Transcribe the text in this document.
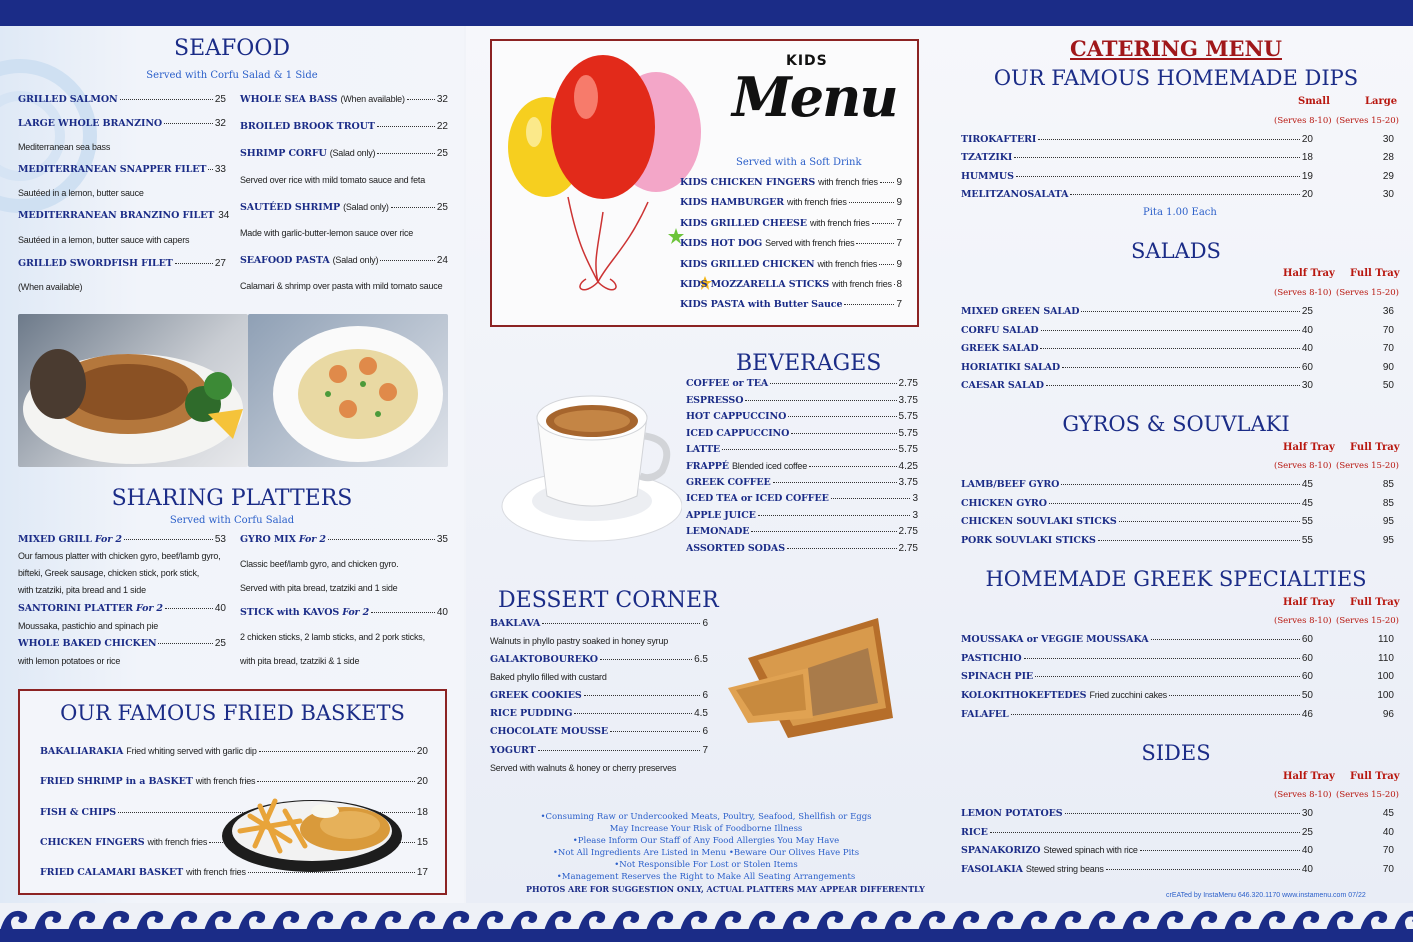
SEAFOOD
Served with Corfu Salad & 1 Side
GRILLED SALMON	25
LARGE WHOLE BRANZINO	32
Mediterranean sea bass
MEDITERRANEAN SNAPPER FILET 33
Sautéed in a lemon, butter sauce
MEDITERRANEAN BRANZINO FILET 34
Sautéed in a lemon, butter sauce with capers
GRILLED SWORDFISH FILET	27
(When available)
WHOLE SEA BASS (When available)	32
BROILED BROOK TROUT	22
SHRIMP CORFU (Salad only)	25
Served over rice with mild tomato sauce and feta
SAUTÉED SHRIMP (Salad only)	25
Made with garlic-butter-lemon sauce over rice
SEAFOOD PASTA (Salad only)	24
Calamari & shrimp over pasta with mild tomato sauce
SHARING PLATTERS
Served with Corfu Salad
MIXED GRILL For 2	53
Our famous platter with chicken gyro, beef/lamb gyro,
bifteki, Greek sausage, chicken stick, pork stick,
with tzatziki, pita bread and 1 side
SANTORINI PLATTER For 2	40
Moussaka, pastichio and spinach pie
WHOLE BAKED CHICKEN	25
with lemon potatoes or rice
GYRO MIX For 2	35
Classic beef/lamb gyro, and chicken gyro.
Served with pita bread, tzatziki and 1 side
STICK with KAVOS For 2	40
2 chicken sticks, 2 lamb sticks, and 2 pork sticks,
with pita bread, tzatziki & 1 side
OUR FAMOUS FRIED BASKETS
BAKALIARAKIA Fried whiting served with garlic dip	20
FRIED SHRIMP in a BASKET with french fries	20
FISH & CHIPS	18
CHICKEN FINGERS with french fries	15
FRIED CALAMARI BASKET with french fries	17
KIDS
Menu
Served with a Soft Drink
KIDS CHICKEN FINGERS with french fries 9
KIDS HAMBURGER with french fries	9
KIDS GRILLED CHEESE with french fries	7
KIDS HOT DOG Served with french fries	7
KIDS GRILLED CHICKEN with french fries 9
KIDS MOZZARELLA STICKS with french fries 8
KIDS PASTA with Butter Sauce	7
BEVERAGES
COFFEE or TEA	2.75
ESPRESSO	3.75
HOT CAPPUCCINO	5.75
ICED CAPPUCCINO	5.75
LATTE	5.75
FRAPPÉ Blended iced coffee	4.25
GREEK COFFEE	3.75
ICED TEA or ICED COFFEE	3
APPLE JUICE	3
LEMONADE	2.75
ASSORTED SODAS	2.75
DESSERT CORNER
BAKLAVA	6
Walnuts in phyllo pastry soaked in honey syrup
GALAKTOBOUREKO	6.5
Baked phyllo filled with custard
GREEK COOKIES	6
RICE PUDDING	4.5
CHOCOLATE MOUSSE	6
YOGURT	7
Served with walnuts & honey or cherry preserves
•Consuming Raw or Undercooked Meats, Poultry, Seafood, Shellfish or Eggs
May Increase Your Risk of Foodborne Illness
•Please Inform Our Staff of Any Food Allergies You May Have
•Not All Ingredients Are Listed in Menu •Beware Our Olives Have Pits
•Not Responsible For Lost or Stolen Items
•Management Reserves the Right to Make All Seating Arrangements
PHOTOS ARE FOR SUGGESTION ONLY, ACTUAL PLATTERS MAY APPEAR DIFFERENTLY
CATERING MENU
OUR FAMOUS HOMEMADE DIPS
Small	Large
(Serves 8-10) (Serves 15-20)
TIROKAFTERI	20	30
TZATZIKI	18	28
HUMMUS	19	29
MELITZANOSALATA	20	30
Pita 1.00 Each
SALADS
Half Tray Full Tray
(Serves 8-10) (Serves 15-20)
MIXED GREEN SALAD	25	36
CORFU SALAD	40	70
GREEK SALAD	40	70
HORIATIKI SALAD	60	90
CAESAR SALAD	30	50
GYROS & SOUVLAKI
Half Tray Full Tray
(Serves 8-10) (Serves 15-20)
LAMB/BEEF GYRO	45	85
CHICKEN GYRO	45	85
CHICKEN SOUVLAKI STICKS	55	95
PORK SOUVLAKI STICKS	55	95
HOMEMADE GREEK SPECIALTIES
Half Tray Full Tray
(Serves 8-10) (Serves 15-20)
MOUSSAKA or VEGGIE MOUSSAKA	60	110
PASTICHIO	60	110
SPINACH PIE	60	100
KOLOKITHOKEFTEDES Fried zucchini cakes	50	100
FALAFEL	46	96
SIDES
Half Tray Full Tray
(Serves 8-10) (Serves 15-20)
LEMON POTATOES	30	45
RICE	25	40
SPANAKORIZO Stewed spinach with rice	40	70
FASOLAKIA Stewed string beans	40	70
crEATed by InstaMenu 646.320.1170 www.instamenu.com 07/22
